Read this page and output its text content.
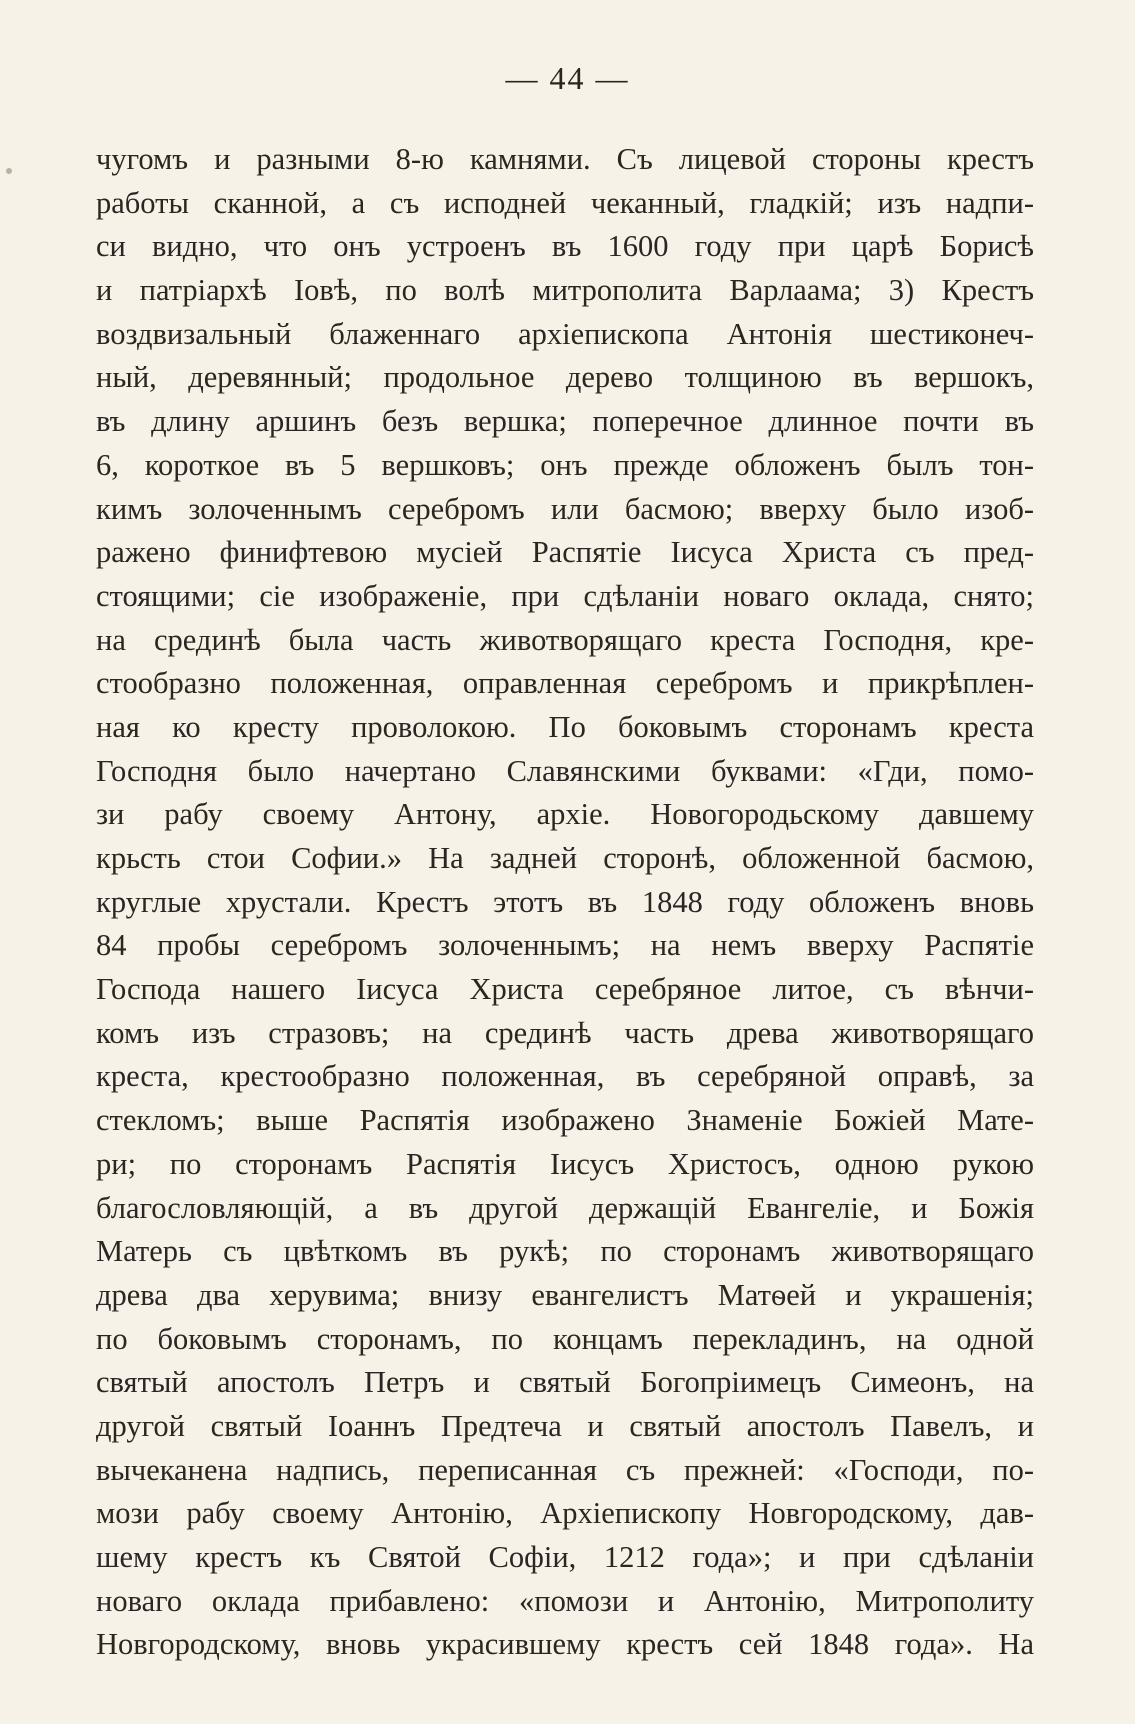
— 44 —
чугомъ и разными 8-ю камнями. Съ лицевой стороны крестъ
работы сканной, а съ исподней чеканный, гладкій; изъ надпи-
си видно, что онъ устроенъ въ 1600 году при царѣ Борисѣ
и патріархѣ Іовѣ, по волѣ митрополита Варлаама; 3) Крестъ
воздвизальный блаженнаго архіепископа Антонія шестиконеч-
ный, деревянный; продольное дерево толщиною въ вершокъ,
въ длину аршинъ безъ вершка; поперечное длинное почти въ
6, короткое въ 5 вершковъ; онъ прежде обложенъ былъ тон-
кимъ золоченнымъ серебромъ или басмою; вверху было изоб-
ражено финифтевою мусіей Распятіе Іисуса Христа съ пред-
стоящими; сіе изображеніе, при сдѣланіи новаго оклада, снято;
на срединѣ была часть животворящаго креста Господня, кре-
стообразно положенная, оправленная серебромъ и прикрѣплен-
ная ко кресту проволокою. По боковымъ сторонамъ креста
Господня было начертано Славянскими буквами: «Гди, помо-
зи рабу своему Антону, архіе. Новогородьскому давшему
крьсть стои Софии.» На задней сторонѣ, обложенной басмою,
круглые хрустали. Крестъ этотъ въ 1848 году обложенъ вновь
84 пробы серебромъ золоченнымъ; на немъ вверху Распятіе
Господа нашего Іисуса Христа серебряное литое, съ вѣнчи-
комъ изъ стразовъ; на срединѣ часть древа животворящаго
креста, крестообразно положенная, въ серебряной оправѣ, за
стекломъ; выше Распятія изображено Знаменіе Божіей Мате-
ри; по сторонамъ Распятія Іисусъ Христосъ, одною рукою
благословляющій, а въ другой держащій Евангеліе, и Божія
Матерь съ цвѣткомъ въ рукѣ; по сторонамъ животворящаго
древа два херувима; внизу евангелистъ Матѳей и украшенія;
по боковымъ сторонамъ, по концамъ перекладинъ, на одной
святый апостолъ Петръ и святый Богопріимецъ Симеонъ, на
другой святый Іоаннъ Предтеча и святый апостолъ Павелъ, и
вычеканена надпись, переписанная съ прежней: «Господи, по-
мози рабу своему Антонію, Архіепископу Новгородскому, дав-
шему крестъ къ Святой Софіи, 1212 года»; и при сдѣланіи
новаго оклада прибавлено: «помози и Антонію, Митрополиту
Новгородскому, вновь украсившему крестъ сей 1848 года». На
